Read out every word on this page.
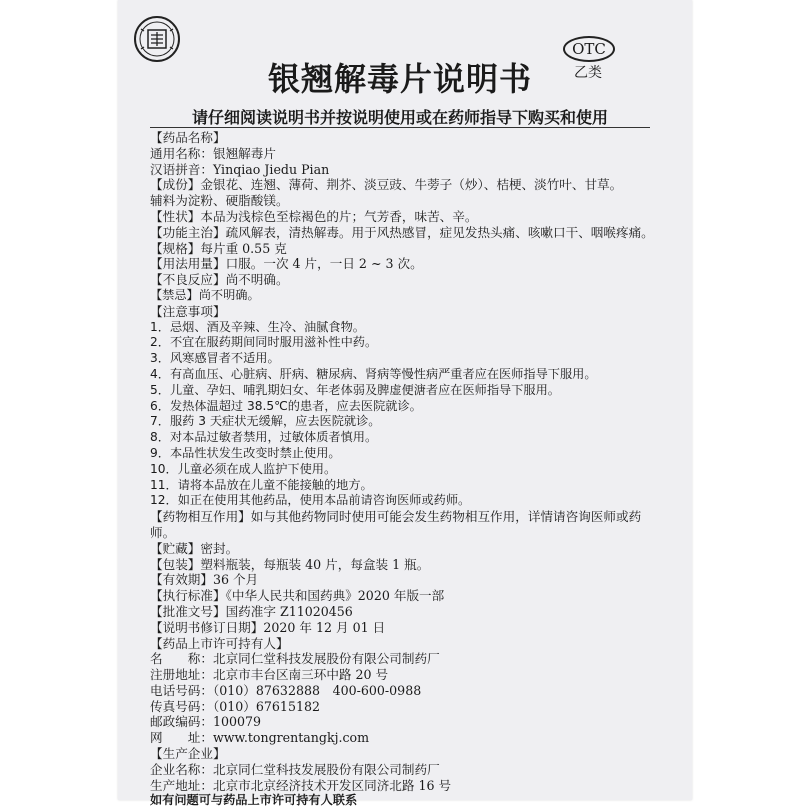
OTC
乙类
银翘解毒片说明书
请仔细阅读说明书并按说明使用或在药师指导下购买和使用
【药品名称】
通用名称：银翘解毒片
汉语拼音：Yinqiao Jiedu Pian
【成份】金银花、连翘、薄荷、荆芥、淡豆豉、牛蒡子（炒）、桔梗、淡竹叶、甘草。
辅料为淀粉、硬脂酸镁。
【性状】本品为浅棕色至棕褐色的片；气芳香，味苦、辛。
【功能主治】疏风解表，清热解毒。用于风热感冒，症见发热头痛、咳嗽口干、咽喉疼痛。
【规格】每片重 0.55 克
【用法用量】口服。一次 4 片，一日 2 ~ 3 次。
【不良反应】尚不明确。
【禁忌】尚不明确。
【注意事项】
1．忌烟、酒及辛辣、生冷、油腻食物。
2．不宜在服药期间同时服用滋补性中药。
3．风寒感冒者不适用。
4．有高血压、心脏病、肝病、糖尿病、肾病等慢性病严重者应在医师指导下服用。
5．儿童、孕妇、哺乳期妇女、年老体弱及脾虚便溏者应在医师指导下服用。
6．发热体温超过 38.5℃的患者，应去医院就诊。
7．服药 3 天症状无缓解，应去医院就诊。
8．对本品过敏者禁用，过敏体质者慎用。
9．本品性状发生改变时禁止使用。
10．儿童必须在成人监护下使用。
11．请将本品放在儿童不能接触的地方。
12．如正在使用其他药品，使用本品前请咨询医师或药师。
【药物相互作用】如与其他药物同时使用可能会发生药物相互作用，详情请咨询医师或药师。
【贮藏】密封。
【包装】塑料瓶装，每瓶装 40 片，每盒装 1 瓶。
【有效期】36 个月
【执行标准】《中华人民共和国药典》2020 年版一部
【批准文号】国药准字 Z11020456
【说明书修订日期】2020 年 12 月 01 日
【药品上市许可持有人】
名　　称：北京同仁堂科技发展股份有限公司制药厂
注册地址：北京市丰台区南三环中路 20 号
电话号码：（010）87632888　400-600-0988
传真号码：（010）67615182
邮政编码：100079
网　　址：www.tongrentangkj.com
【生产企业】
企业名称：北京同仁堂科技发展股份有限公司制药厂
生产地址：北京市北京经济技术开发区同济北路 16 号
如有问题可与药品上市许可持有人联系
